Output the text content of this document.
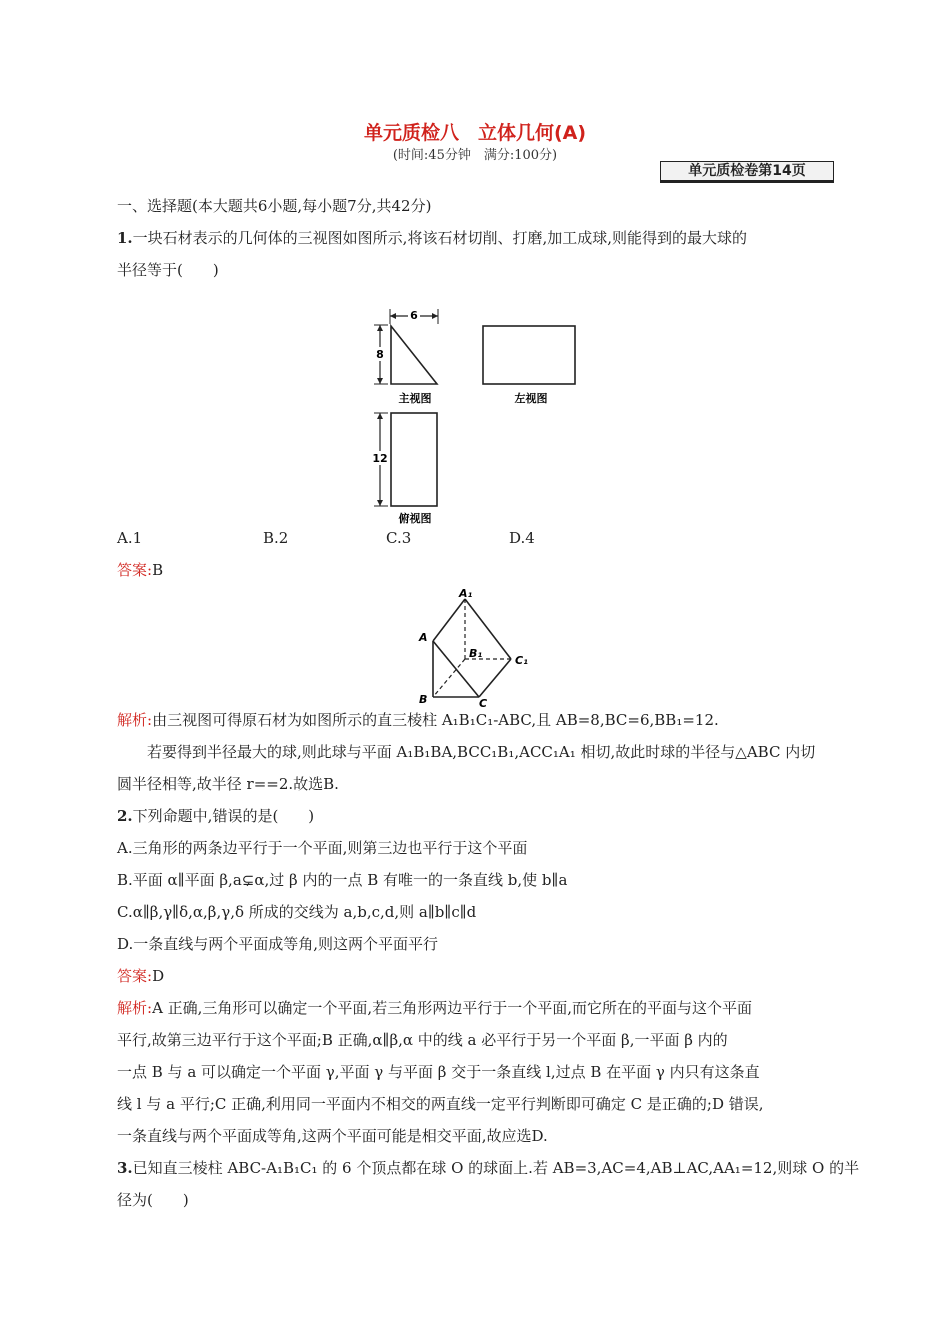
单元质检八　立体几何(A)
(时间:45分钟　满分:100分)
单元质检卷第14页
一、选择题(本大题共6小题,每小题7分,共42分)
1.一块石材表示的几何体的三视图如图所示,将该石材切削、打磨,加工成球,则能得到的最大球的
半径等于(　　)
6
8
主视图	左视图
12
俯视图
A.1	B.2	C.3	D.4
答案:B
A₁
A
B₁
C₁
B	C
解析:由三视图可得原石材为如图所示的直三棱柱 A₁B₁C₁-ABC,且 AB=8,BC=6,BB₁=12.
若要得到半径最大的球,则此球与平面 A₁B₁BA,BCC₁B₁,ACC₁A₁ 相切,故此时球的半径与△ABC 内切
圆半径相等,故半径 r==2.故选B.
2.下列命题中,错误的是(　　)
A.三角形的两条边平行于一个平面,则第三边也平行于这个平面
B.平面 α∥平面 β,a⊊α,过 β 内的一点 B 有唯一的一条直线 b,使 b∥a
C.α∥β,γ∥δ,α,β,γ,δ 所成的交线为 a,b,c,d,则 a∥b∥c∥d
D.一条直线与两个平面成等角,则这两个平面平行
答案:D
解析:A 正确,三角形可以确定一个平面,若三角形两边平行于一个平面,而它所在的平面与这个平面
平行,故第三边平行于这个平面;B 正确,α∥β,α 中的线 a 必平行于另一个平面 β,一平面 β 内的
一点 B 与 a 可以确定一个平面 γ,平面 γ 与平面 β 交于一条直线 l,过点 B 在平面 γ 内只有这条直
线 l 与 a 平行;C 正确,利用同一平面内不相交的两直线一定平行判断即可确定 C 是正确的;D 错误,
一条直线与两个平面成等角,这两个平面可能是相交平面,故应选D.
3.已知直三棱柱 ABC-A₁B₁C₁ 的 6 个顶点都在球 O 的球面上.若 AB=3,AC=4,AB⊥AC,AA₁=12,则球 O 的半
径为(　　)
